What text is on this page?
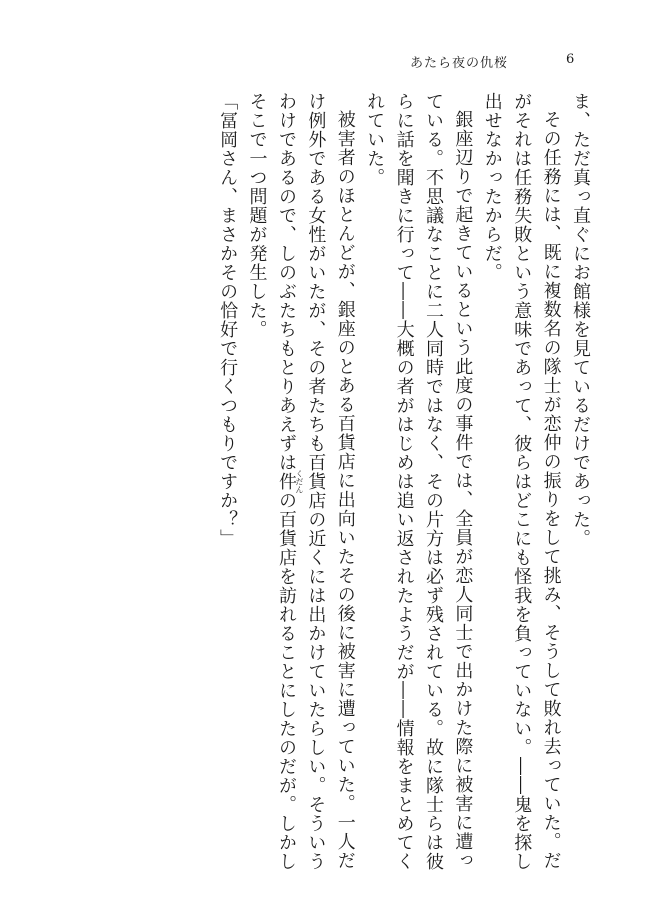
あたら夜の仇桜	6

ま、ただ真っ直ぐにお館様を見ているだけであった。

その任務には、既に複数名の隊士が恋仲の振りをして挑み、そうして敗れ去っていた。だがそれは任務失敗という意味であって、彼らはどこにも怪我を負っていない。――鬼を探し出せなかったからだ。

銀座辺りで起きているという此度の事件では、全員が恋人同士で出かけた際に被害に遭っている。不思議なことに二人同時ではなく、その片方は必ず残されている。故に隊士らは彼らに話を聞きに行って――大概の者がはじめは追い返されたようだが――情報をまとめてくれていた。

被害者のほとんどが、銀座のとある百貨店に出向いたその後に被害に遭っていた。一人だけ例外である女性がいたが、その者たちも百貨店の近くには出かけていたらしい。そういうわけであるので、しのぶたちもとりあえずは件くだんの百貨店を訪れることにしたのだが。しかしそこで一つ問題が発生した。

「冨岡さん、まさかその恰好で行くつもりですか？」
